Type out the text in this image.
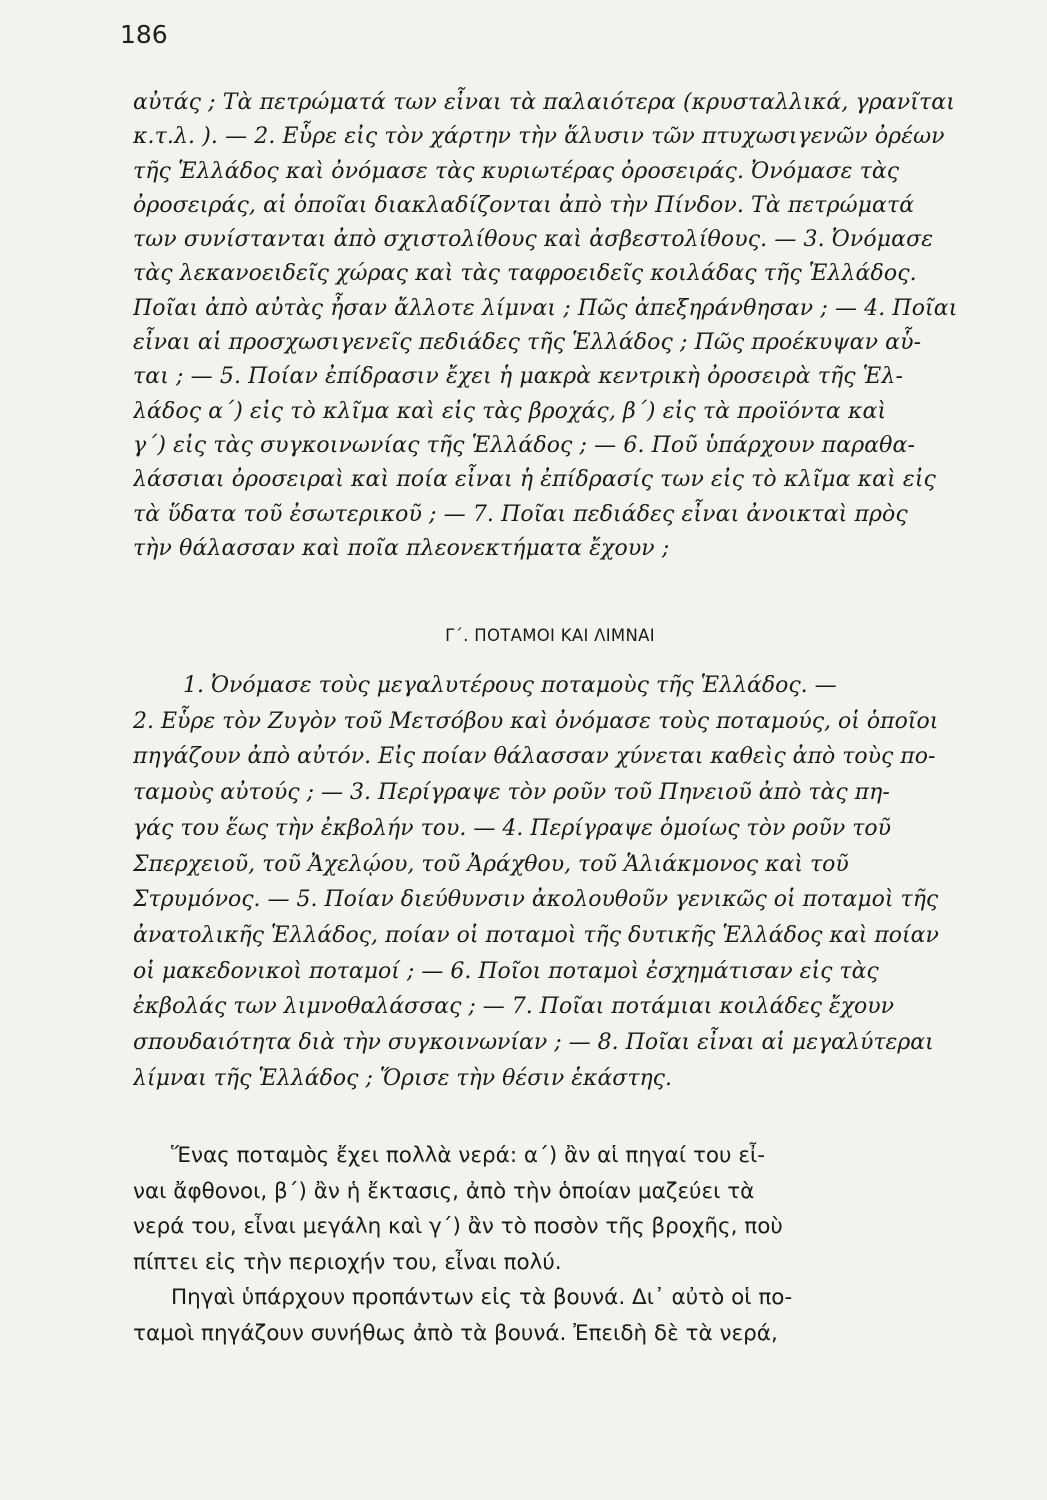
186
αὐτάς ; Τὰ πετρώματά των εἶναι τὰ παλαιότερα (κρυσταλλικά, γρανῖται
κ.τ.λ. ). — 2. Εὗρε εἰς τὸν χάρτην τὴν ἅλυσιν τῶν πτυχωσιγενῶν ὀρέων
τῆς Ἑλλάδος καὶ ὀνόμασε τὰς κυριωτέρας ὀροσειράς. Ὀνόμασε τὰς
ὀροσειράς, αἱ ὁποῖαι διακλαδίζονται ἀπὸ τὴν Πίνδον. Τὰ πετρώματά
των συνίστανται ἀπὸ σχιστολίθους καὶ ἀσβεστολίθους. — 3. Ὀνόμασε
τὰς λεκανοειδεῖς χώρας καὶ τὰς ταφροειδεῖς κοιλάδας τῆς Ἑλλάδος.
Ποῖαι ἀπὸ αὐτὰς ἦσαν ἄλλοτε λίμναι ; Πῶς ἀπεξηράνθησαν ; — 4. Ποῖαι
εἶναι αἱ προσχωσιγενεῖς πεδιάδες τῆς Ἑλλάδος ; Πῶς προέκυψαν αὗ-
ται ; — 5. Ποίαν ἐπίδρασιν ἔχει ἡ μακρὰ κεντρικὴ ὀροσειρὰ τῆς Ἑλ-
λάδος α΄) εἰς τὸ κλῖμα καὶ εἰς τὰς βροχάς, β΄) εἰς τὰ προϊόντα καὶ
γ΄) εἰς τὰς συγκοινωνίας τῆς Ἑλλάδος ; — 6. Ποῦ ὑπάρχουν παραθα-
λάσσιαι ὀροσειραὶ καὶ ποία εἶναι ἡ ἐπίδρασίς των εἰς τὸ κλῖμα καὶ εἰς
τὰ ὕδατα τοῦ ἐσωτερικοῦ ; — 7. Ποῖαι πεδιάδες εἶναι ἀνοικταὶ πρὸς
τὴν θάλασσαν καὶ ποῖα πλεονεκτήματα ἔχουν ;
Γ΄. ΠΟΤΑΜΟΙ ΚΑΙ ΛΙΜΝΑΙ
1. Ὀνόμασε τοὺς μεγαλυτέρους ποταμοὺς τῆς Ἑλλάδος. —
2. Εὗρε τὸν Ζυγὸν τοῦ Μετσόβου καὶ ὀνόμασε τοὺς ποταμούς, οἱ ὁποῖοι
πηγάζουν ἀπὸ αὐτόν. Εἰς ποίαν θάλασσαν χύνεται καθεὶς ἀπὸ τοὺς πο-
ταμοὺς αὐτούς ; — 3. Περίγραψε τὸν ροῦν τοῦ Πηνειοῦ ἀπὸ τὰς πη-
γάς του ἕως τὴν ἐκβολήν του. — 4. Περίγραψε ὁμοίως τὸν ροῦν τοῦ
Σπερχειοῦ, τοῦ Ἀχελῴου, τοῦ Ἀράχθου, τοῦ Ἁλιάκμονος καὶ τοῦ
Στρυμόνος. — 5. Ποίαν διεύθυνσιν ἀκολουθοῦν γενικῶς οἱ ποταμοὶ τῆς
ἀνατολικῆς Ἑλλάδος, ποίαν οἱ ποταμοὶ τῆς δυτικῆς Ἑλλάδος καὶ ποίαν
οἱ μακεδονικοὶ ποταμοί ; — 6. Ποῖοι ποταμοὶ ἐσχημάτισαν εἰς τὰς
ἐκβολάς των λιμνοθαλάσσας ; — 7. Ποῖαι ποτάμιαι κοιλάδες ἔχουν
σπουδαιότητα διὰ τὴν συγκοινωνίαν ; — 8. Ποῖαι εἶναι αἱ μεγαλύτεραι
λίμναι τῆς Ἑλλάδος ; Ὅρισε τὴν θέσιν ἑκάστης.
Ἕνας ποταμὸς ἔχει πολλὰ νερά: α΄) ἂν αἱ πηγαί του εἶ-
ναι ἄφθονοι, β΄) ἂν ἡ ἔκτασις, ἀπὸ τὴν ὁποίαν μαζεύει τὰ
νερά του, εἶναι μεγάλη καὶ γ΄) ἂν τὸ ποσὸν τῆς βροχῆς, ποὺ
πίπτει εἰς τὴν περιοχήν του, εἶναι πολύ.
Πηγαὶ ὑπάρχουν προπάντων εἰς τὰ βουνά. Δι᾽ αὐτὸ οἱ πο-
ταμοὶ πηγάζουν συνήθως ἀπὸ τὰ βουνά. Ἐπειδὴ δὲ τὰ νερά,
